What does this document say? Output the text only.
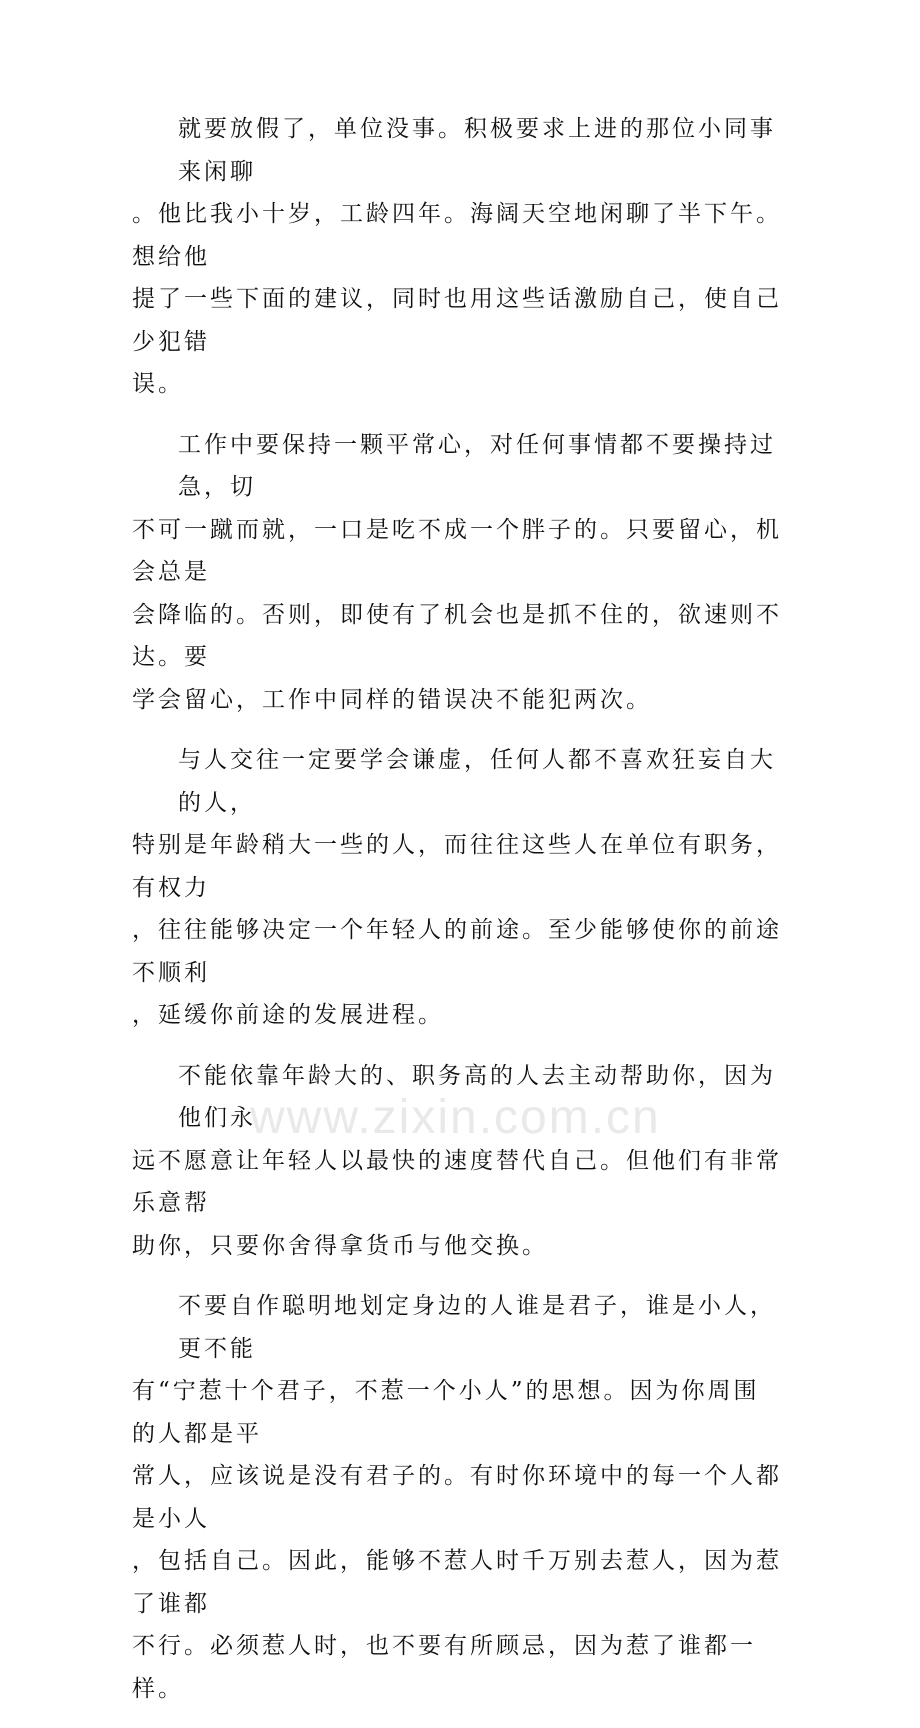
www.zixin.com.cn
就要放假了，单位没事。积极要求上进的那位小同事来闲聊
。他比我小十岁，工龄四年。海阔天空地闲聊了半下午。想给他
提了一些下面的建议，同时也用这些话激励自己，使自己少犯错
误。
工作中要保持一颗平常心，对任何事情都不要操持过急，切
不可一蹴而就，一口是吃不成一个胖子的。只要留心，机会总是
会降临的。否则，即使有了机会也是抓不住的，欲速则不达。要
学会留心，工作中同样的错误决不能犯两次。
与人交往一定要学会谦虚，任何人都不喜欢狂妄自大的人，
特别是年龄稍大一些的人，而往往这些人在单位有职务，有权力
，往往能够决定一个年轻人的前途。至少能够使你的前途不顺利
，延缓你前途的发展进程。
不能依靠年龄大的、职务高的人去主动帮助你，因为他们永
远不愿意让年轻人以最快的速度替代自己。但他们有非常乐意帮
助你，只要你舍得拿货币与他交换。
不要自作聪明地划定身边的人谁是君子，谁是小人，更不能
有“宁惹十个君子，不惹一个小人”的思想。因为你周围的人都是平
常人，应该说是没有君子的。有时你环境中的每一个人都是小人
，包括自己。因此，能够不惹人时千万别去惹人，因为惹了谁都
不行。必须惹人时，也不要有所顾忌，因为惹了谁都一样。
